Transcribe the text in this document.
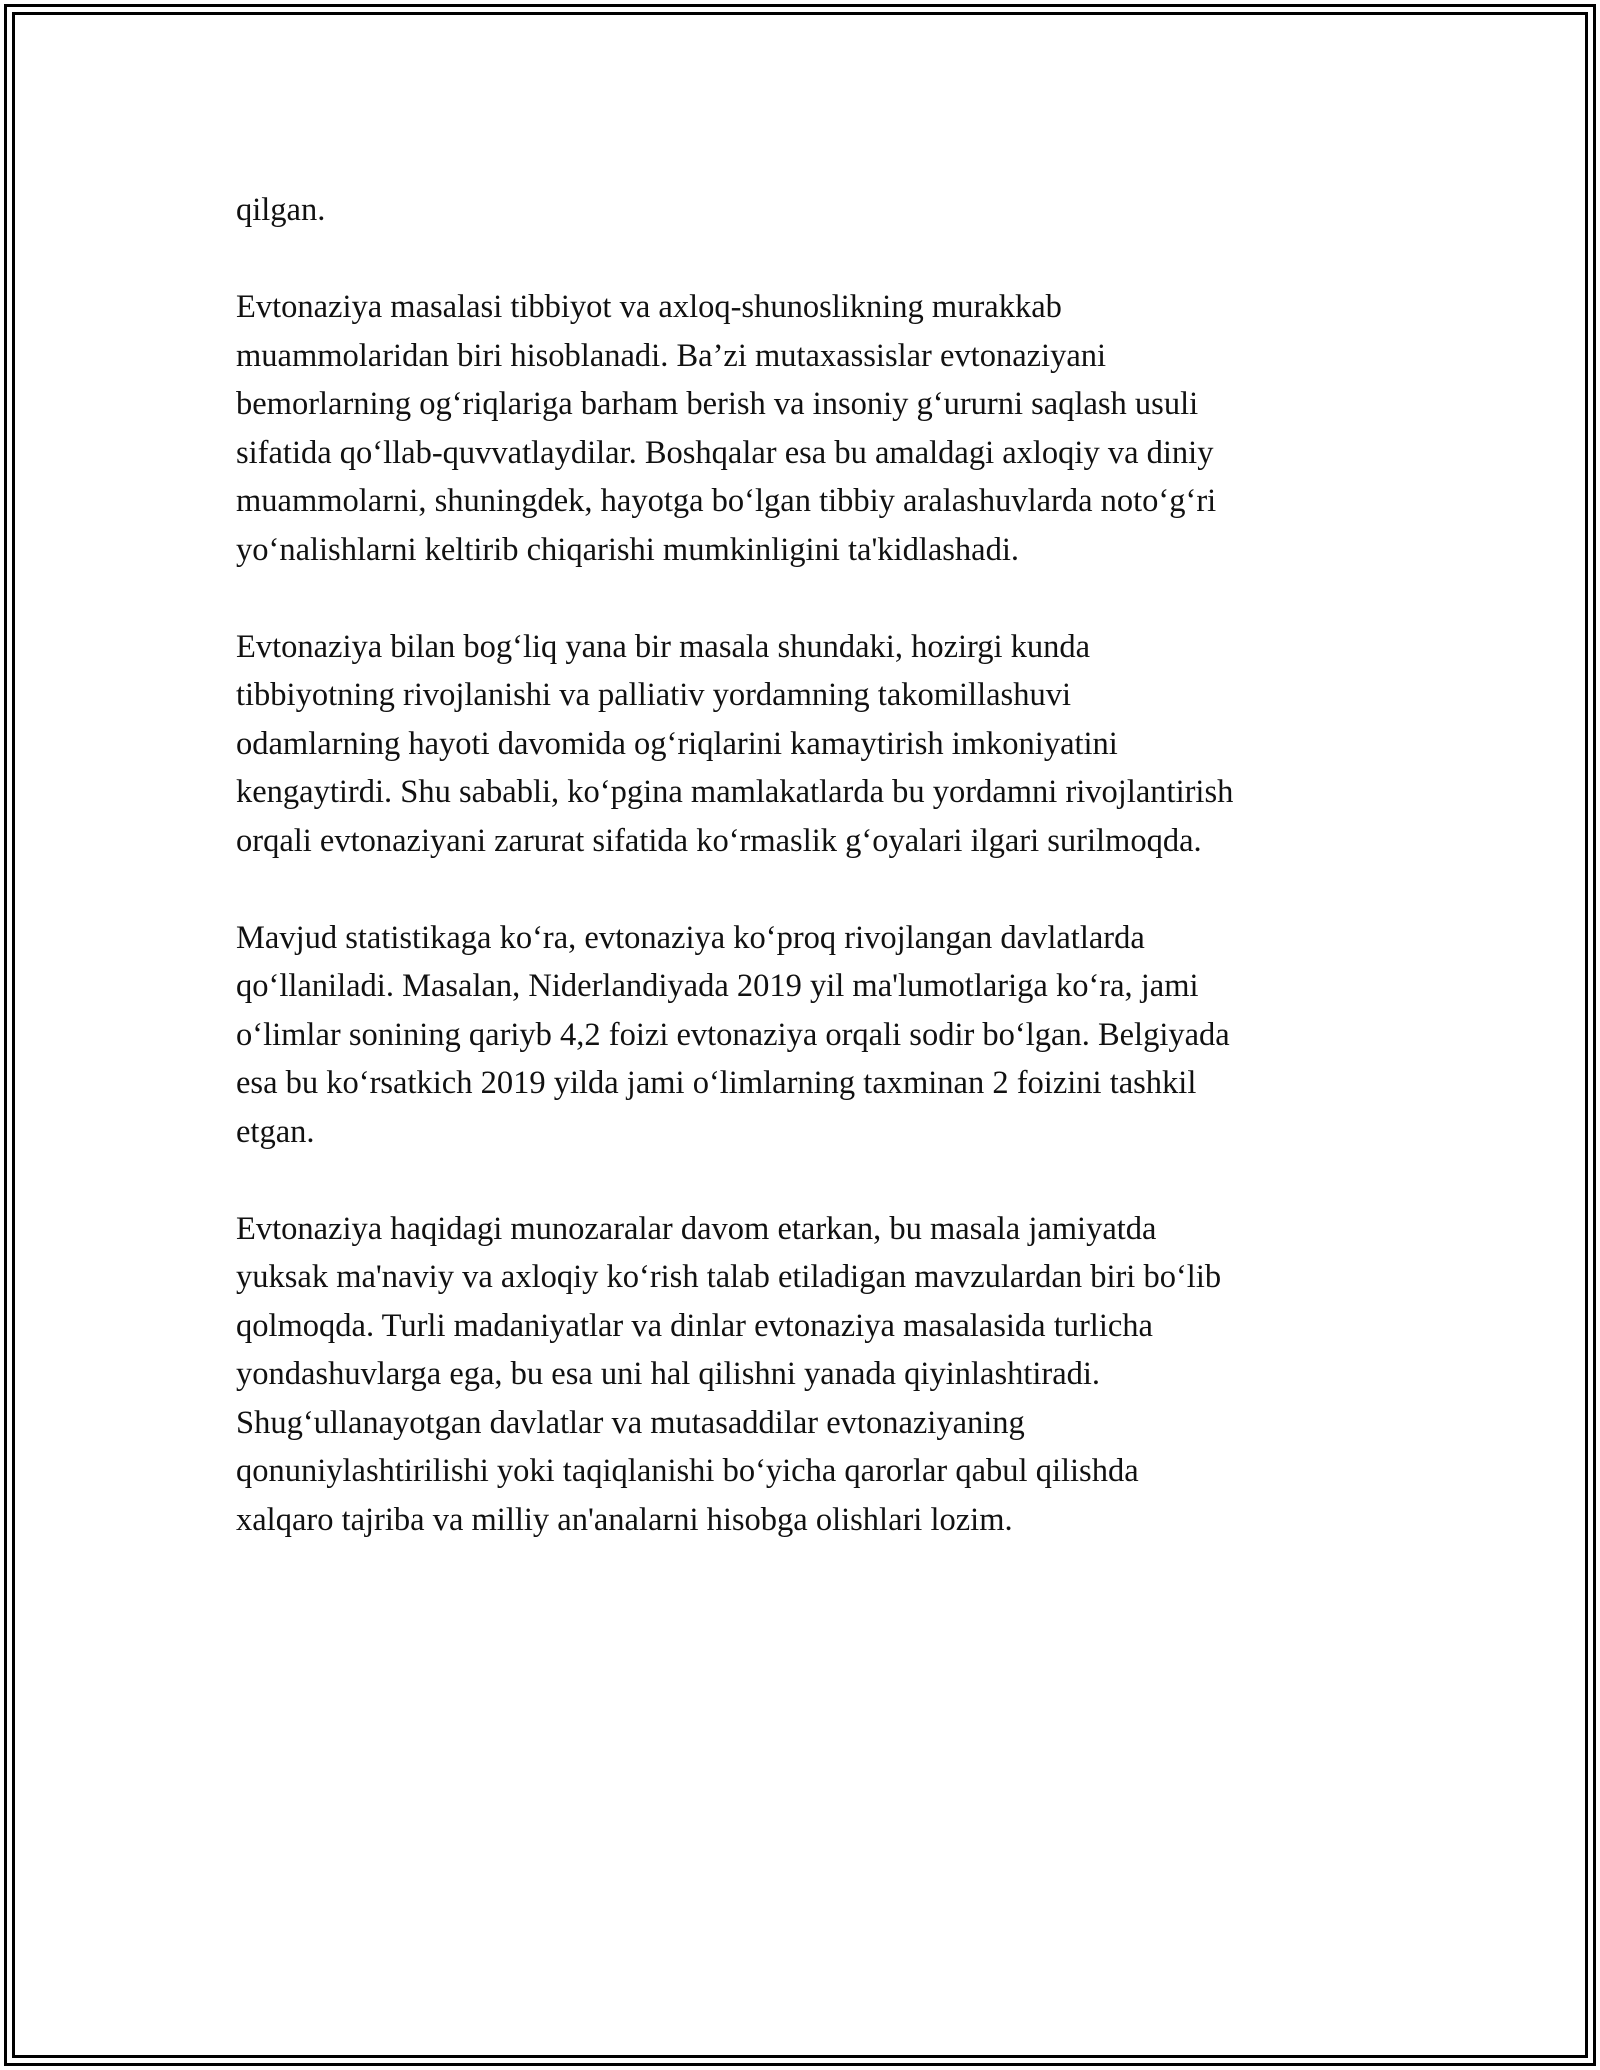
qilgan.

Evtonaziya masalasi tibbiyot va axloq-shunoslikning murakkab
muammolaridan biri hisoblanadi. Ba’zi mutaxassislar evtonaziyani
bemorlarning og‘riqlariga barham berish va insoniy g‘ururni saqlash usuli
sifatida qo‘llab-quvvatlaydilar. Boshqalar esa bu amaldagi axloqiy va diniy
muammolarni, shuningdek, hayotga bo‘lgan tibbiy aralashuvlarda noto‘g‘ri
yo‘nalishlarni keltirib chiqarishi mumkinligini ta'kidlashadi.

Evtonaziya bilan bog‘liq yana bir masala shundaki, hozirgi kunda
tibbiyotning rivojlanishi va palliativ yordamning takomillashuvi
odamlarning hayoti davomida og‘riqlarini kamaytirish imkoniyatini
kengaytirdi. Shu sababli, ko‘pgina mamlakatlarda bu yordamni rivojlantirish
orqali evtonaziyani zarurat sifatida ko‘rmaslik g‘oyalari ilgari surilmoqda.

Mavjud statistikaga ko‘ra, evtonaziya ko‘proq rivojlangan davlatlarda
qo‘llaniladi. Masalan, Niderlandiyada 2019 yil ma'lumotlariga ko‘ra, jami
o‘limlar sonining qariyb 4,2 foizi evtonaziya orqali sodir bo‘lgan. Belgiyada
esa bu ko‘rsatkich 2019 yilda jami o‘limlarning taxminan 2 foizini tashkil
etgan.

Evtonaziya haqidagi munozaralar davom etarkan, bu masala jamiyatda
yuksak ma'naviy va axloqiy ko‘rish talab etiladigan mavzulardan biri bo‘lib
qolmoqda. Turli madaniyatlar va dinlar evtonaziya masalasida turlicha
yondashuvlarga ega, bu esa uni hal qilishni yanada qiyinlashtiradi.
Shug‘ullanayotgan davlatlar va mutasaddilar evtonaziyaning
qonuniylashtirilishi yoki taqiqlanishi bo‘yicha qarorlar qabul qilishda
xalqaro tajriba va milliy an'analarni hisobga olishlari lozim.
